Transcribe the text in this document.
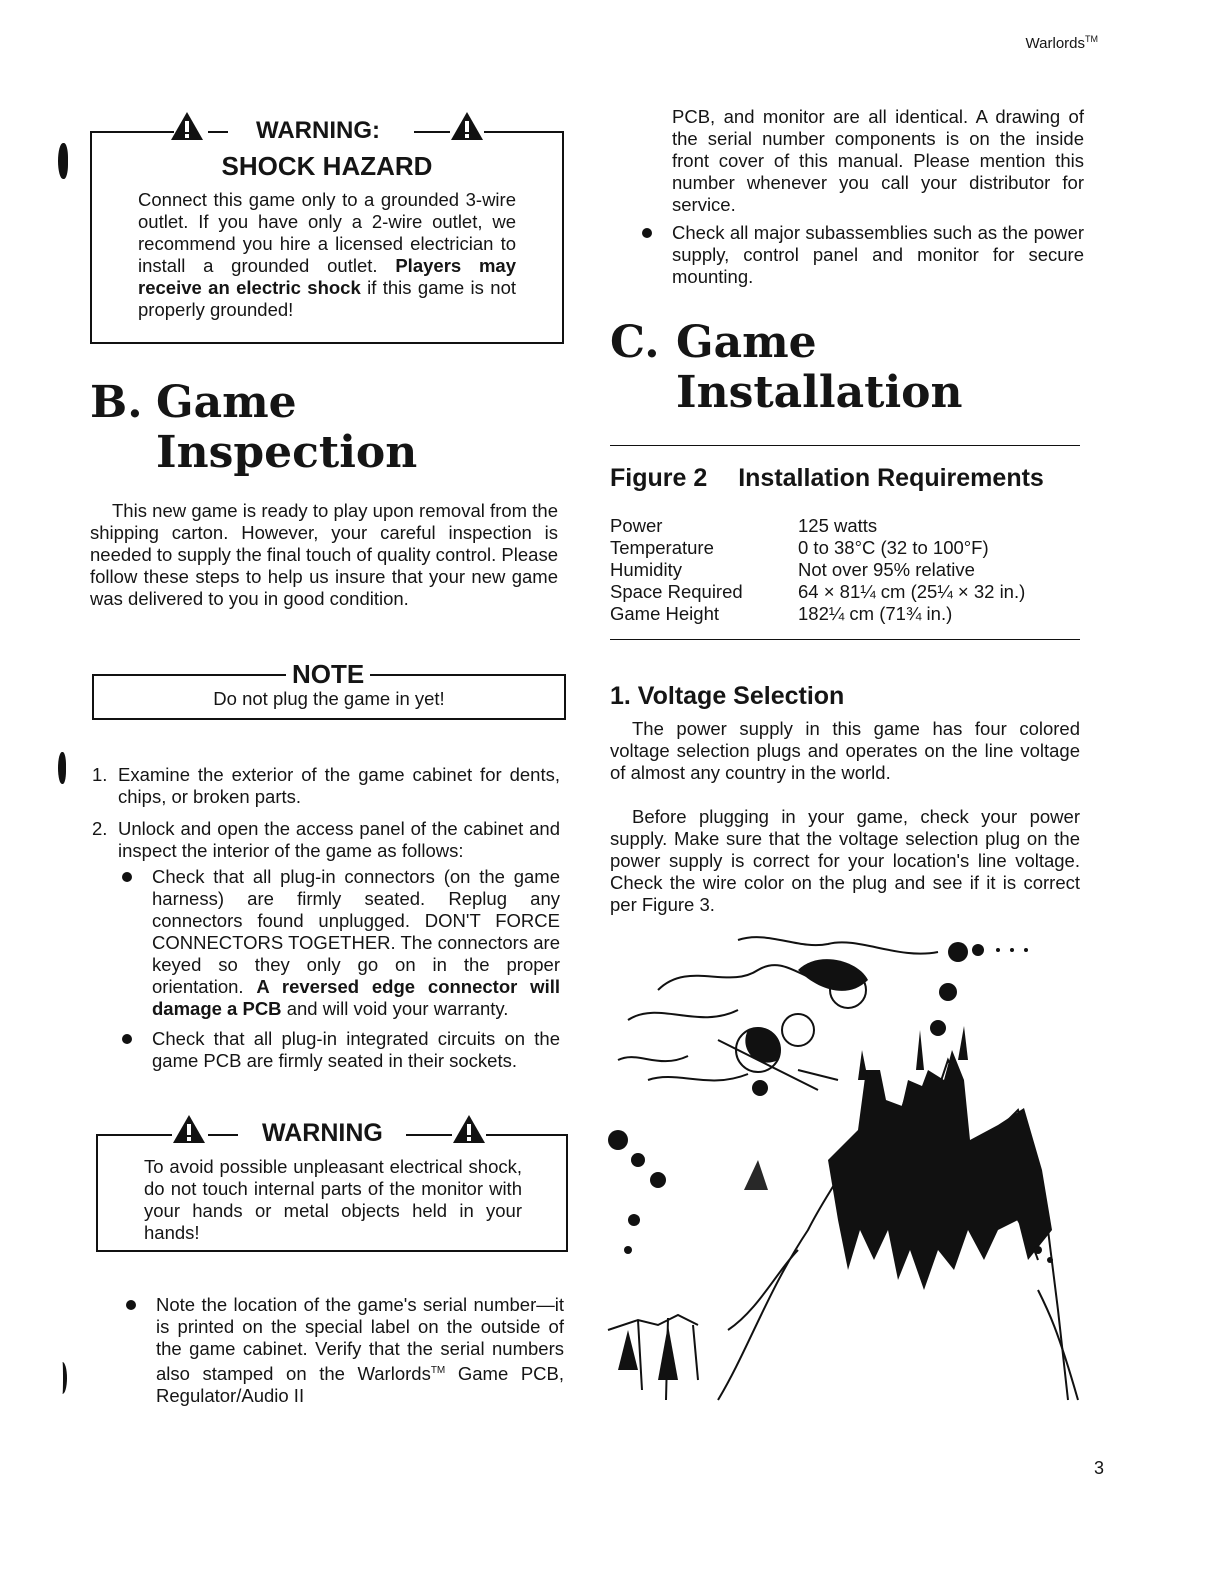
Warlords™
WARNING:
SHOCK HAZARD
Connect this game only to a grounded 3-wire outlet. If you have only a 2-wire outlet, we recommend you hire a licensed electrician to install a grounded outlet. Players may receive an electric shock if this game is not properly grounded!
B. Game
Inspection
This new game is ready to play upon removal from the shipping carton. However, your careful inspection is needed to supply the final touch of quality control. Please follow these steps to help us insure that your new game was delivered to you in good condition.
NOTE
Do not plug the game in yet!
1. Examine the exterior of the game cabinet for dents, chips, or broken parts.
2. Unlock and open the access panel of the cabinet and inspect the interior of the game as follows:
Check that all plug-in connectors (on the game harness) are firmly seated. Replug any connectors found unplugged. DON'T FORCE CONNECTORS TOGETHER. The connectors are keyed so they only go on in the proper orientation. A reversed edge connector will damage a PCB and will void your warranty.
Check that all plug-in integrated circuits on the game PCB are firmly seated in their sockets.
WARNING
To avoid possible unpleasant electrical shock, do not touch internal parts of the monitor with your hands or metal objects held in your hands!
Note the location of the game's serial number—it is printed on the special label on the outside of the game cabinet. Verify that the serial numbers also stamped on the Warlords™ Game PCB, Regulator/Audio II
PCB, and monitor are all identical. A drawing of the serial number components is on the inside front cover of this manual. Please mention this number whenever you call your distributor for service.
Check all major subassemblies such as the power supply, control panel and monitor for secure mounting.
C. Game
Installation
Figure 2 Installation Requirements
Power	125 watts
Temperature	0 to 38°C (32 to 100°F)
Humidity	Not over 95% relative
Space Required	64 × 81¼ cm (25¼ × 32 in.)
Game Height	182¼ cm (71¾ in.)
1. Voltage Selection
The power supply in this game has four colored voltage selection plugs and operates on the line voltage of almost any country in the world.
Before plugging in your game, check your power supply. Make sure that the voltage selection plug on the power supply is correct for your location's line voltage. Check the wire color on the plug and see if it is correct per Figure 3.
3
